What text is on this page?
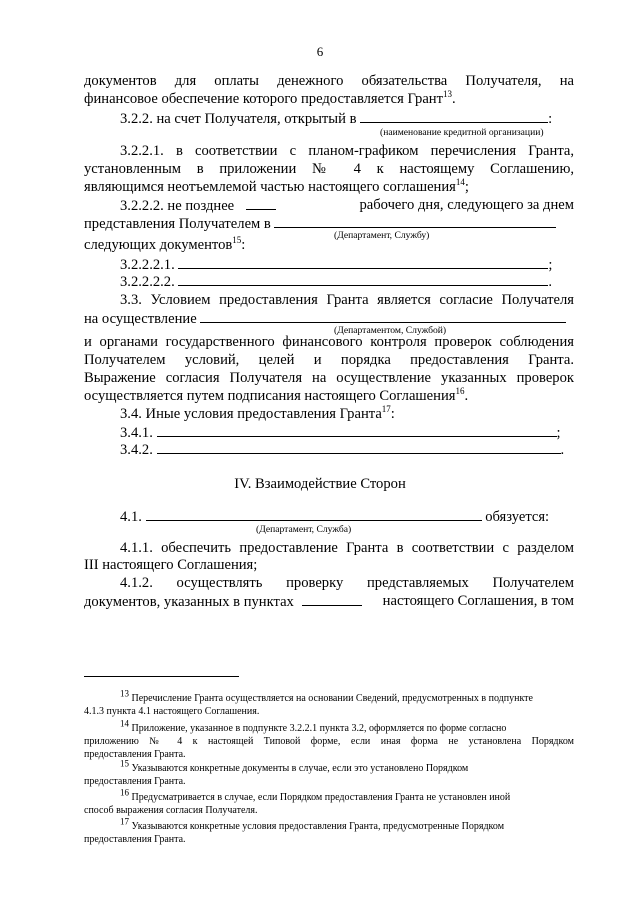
6
документов для оплаты денежного обязательства Получателя, на
финансовое обеспечение которого предоставляется Грант$^{13}$.
3.2.2. на счет Получателя, открытый в	:
(наименование кредитной организации)
3.2.2.1. в соответствии с планом-графиком перечисления Гранта,
установленным в приложении № 4 к настоящему Соглашению,
являющимся неотъемлемой частью настоящего соглашения$^{14}$;
3.2.2.2. не позднее	рабочего дня, следующего за днем
представления Получателем в
(Департамент, Службу)
следующих документов$^{15}$:
3.2.2.2.1.	;
3.2.2.2.2.	.
3.3. Условием предоставления Гранта является согласие Получателя
на осуществление
(Департаментом, Службой)
и органами государственного финансового контроля проверок соблюдения
Получателем условий, целей и порядка предоставления Гранта.
Выражение согласия Получателя на осуществление указанных проверок
осуществляется путем подписания настоящего Соглашения$^{16}$.
3.4. Иные условия предоставления Гранта$^{17}$:
3.4.1.	;
3.4.2.	.
IV. Взаимодействие Сторон
4.1.	обязуется:
(Департамент, Служба)
4.1.1. обеспечить предоставление Гранта в соответствии с разделом
III настоящего Соглашения;
4.1.2. осуществлять проверку представляемых Получателем
документов, указанных в пунктах	настоящего Соглашения, в том
$^{13}$ Перечисление Гранта осуществляется на основании Сведений, предусмотренных в подпункте
4.1.3 пункта 4.1 настоящего Соглашения.
$^{14}$ Приложение, указанное в подпункте 3.2.2.1 пункта 3.2, оформляется по форме согласно
приложению № 4 к настоящей Типовой форме, если иная форма не установлена Порядком
предоставления Гранта.
$^{15}$ Указываются конкретные документы в случае, если это установлено Порядком
предоставления Гранта.
$^{16}$ Предусматривается в случае, если Порядком предоставления Гранта не установлен иной
способ выражения согласия Получателя.
$^{17}$ Указываются конкретные условия предоставления Гранта, предусмотренные Порядком
предоставления Гранта.
